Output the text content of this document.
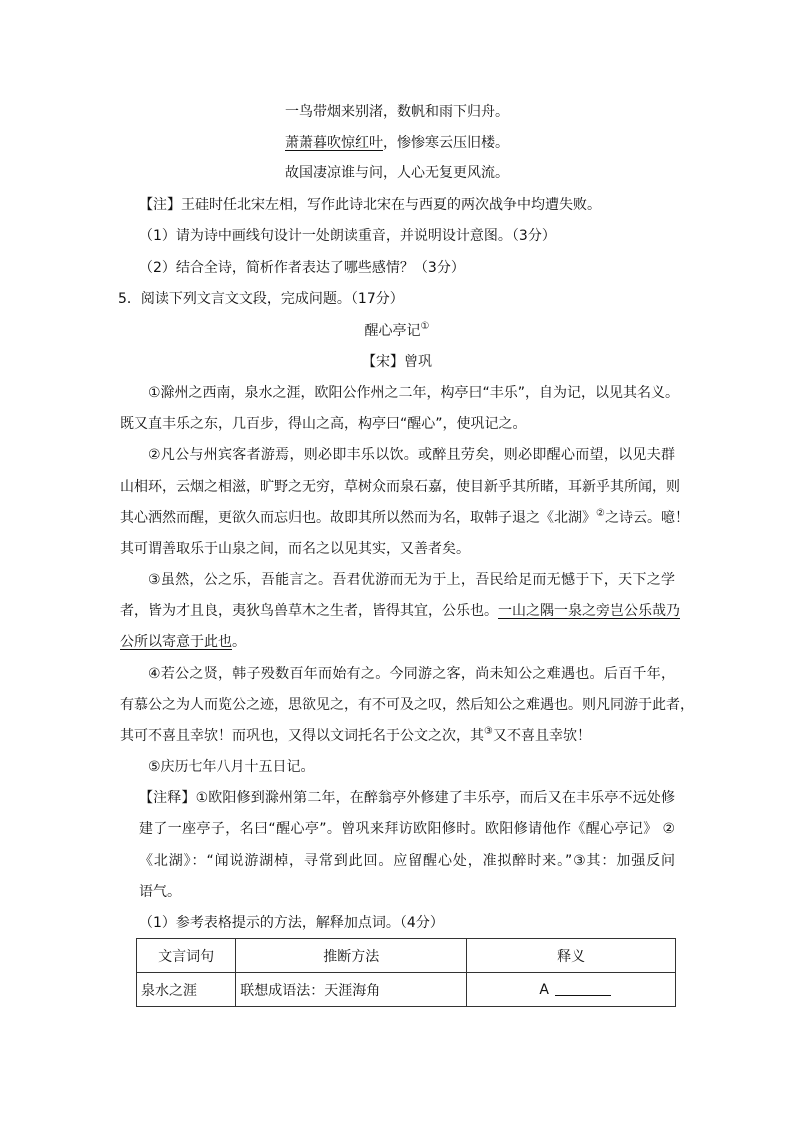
一鸟带烟来别渚，数帆和雨下归舟。
萧萧暮吹惊红叶，惨惨寒云压旧楼。
故国凄凉谁与问，人心无复更风流。
【注】王硅时任北宋左相，写作此诗北宋在与西夏的两次战争中均遭失败。
（1）请为诗中画线句设计一处朗读重音，并说明设计意图。（3分）
（2）结合全诗，简析作者表达了哪些感情？（3分）
5．阅读下列文言文文段，完成问题。（17分）
醒心亭记①
【宋】曾巩
①滁州之西南，泉水之涯，欧阳公作州之二年，构亭曰“丰乐”，自为记，以见其名义。
既又直丰乐之东，几百步，得山之高，构亭曰“醒心”，使巩记之。
②凡公与州宾客者游焉，则必即丰乐以饮。或醉且劳矣，则必即醒心而望，以见夫群
山相环，云烟之相滋，旷野之无穷，草树众而泉石嘉，使目新乎其所睹，耳新乎其所闻，则
其心洒然而醒，更欲久而忘归也。故即其所以然而为名，取韩子退之《北湖》②之诗云。噫！
其可谓善取乐于山泉之间，而名之以见其实，又善者矣。
③虽然，公之乐，吾能言之。吾君优游而无为于上，吾民给足而无憾于下，天下之学
者，皆为才且良，夷狄鸟兽草木之生者，皆得其宜，公乐也。一山之隅一泉之旁岂公乐哉乃
公所以寄意于此也。
④若公之贤，韩子殁数百年而始有之。今同游之客，尚未知公之难遇也。后百千年，
有慕公之为人而览公之迹，思欲见之，有不可及之叹，然后知公之难遇也。则凡同游于此者，
其可不喜且幸欤！而巩也，又得以文词托名于公文之次，其③又不喜且幸欤！
⑤庆历七年八月十五日记。
【注释】①欧阳修到滁州第二年，在醉翁亭外修建了丰乐亭，而后又在丰乐亭不远处修
建了一座亭子，名曰“醒心亭”。曾巩来拜访欧阳修时。欧阳修请他作《醒心亭记》 ②
《北湖》：“闻说游湖棹，寻常到此回。应留醒心处，准拟醉时来。”③其：加强反问
语气。
（1）参考表格提示的方法，解释加点词。（4分）
文言词句	推断方法	释义
泉水之涯	联想成语法：天涯海角	A
